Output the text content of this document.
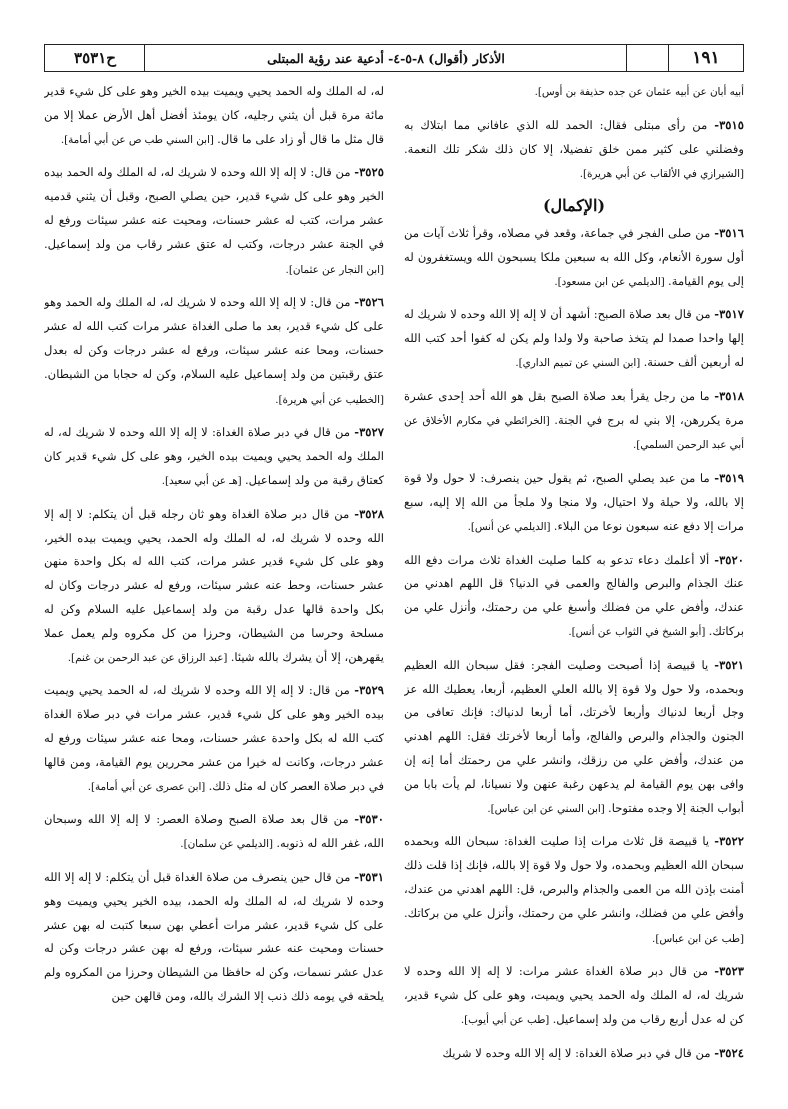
١٩١
الأذكار (أقوال) ٨-٥-٤- أدعية عند رؤية المبتلى
ح٣٥٣١

أبيه أبان عن أبيه عثمان عن جده حذيفة بن أوس].

٣٥١٥- من رأى مبتلى فقال: الحمد لله الذي عافاني مما ابتلاك به وفضلني على كثير ممن خلق تفضيلا، إلا كان ذلك شكر تلك النعمة. [الشيرازي في الألقاب عن أبي هريرة].

(الإكمال)

٣٥١٦- من صلى الفجر في جماعة، وقعد في مصلاه، وقرأ ثلاث آيات من أول سورة الأنعام، وكل الله به سبعين ملكا يسبحون الله ويستغفرون له إلى يوم القيامة. [الديلمي عن ابن مسعود].

٣٥١٧- من قال بعد صلاة الصبح: أشهد أن لا إله إلا الله وحده لا شريك له إلها واحدا صمدا لم يتخذ صاحبة ولا ولدا ولم يكن له كفوا أحد كتب الله له أربعين ألف حسنة. [ابن السني عن تميم الداري].

٣٥١٨- ما من رجل يقرأ بعد صلاة الصبح بقل هو الله أحد إحدى عشرة مرة يكررهن، إلا بني له برج في الجنة. [الخرائطي في مكارم الأخلاق عن أبي عبد الرحمن السلمي].

٣٥١٩- ما من عبد يصلي الصبح، ثم يقول حين ينصرف: لا حول ولا قوة إلا بالله، ولا حيلة ولا احتيال، ولا منجا ولا ملجأ من الله إلا إليه، سبع مرات إلا دفع عنه سبعون نوعا من البلاء. [الديلمي عن أنس].

٣٥٢٠- ألا أعلمك دعاء تدعو به كلما صليت الغداة ثلاث مرات دفع الله عنك الجذام والبرص والفالج والعمى في الدنيا؟ قل اللهم اهدني من عندك، وأفض علي من فضلك وأسبغ علي من رحمتك، وأنزل علي من بركاتك. [أبو الشيخ في الثواب عن أنس].

٣٥٢١- يا قبيصة إذا أصبحت وصليت الفجر: فقل سبحان الله العظيم وبحمده، ولا حول ولا قوة إلا بالله العلي العظيم، أربعا، يعطيك الله عز وجل أربعا لدنياك وأربعا لأخرتك، أما أربعا لدنياك: فإنك تعافى من الجنون والجذام والبرص والفالج، وأما أربعا لأخرتك فقل: اللهم اهدني من عندك، وأفض علي من رزقك، وانشر علي من رحمتك أما إنه إن وافى بهن يوم القيامة لم يدعهن رغبة عنهن ولا نسيانا، لم يأت بابا من أبواب الجنة إلا وجده مفتوحا. [ابن السني عن ابن عباس].

٣٥٢٢- يا قبيصة قل ثلاث مرات إذا صليت الغداة: سبحان الله وبحمده سبحان الله العظيم وبحمده، ولا حول ولا قوة إلا بالله، فإنك إذا قلت ذلك أمنت بإذن الله من العمى والجذام والبرص، قل: اللهم اهدني من عندك، وأفض علي من فضلك، وانشر علي من رحمتك، وأنزل علي من بركاتك. [طب عن ابن عباس].

٣٥٢٣- من قال دبر صلاة الغداة عشر مرات: لا إله إلا الله وحده لا شريك له، له الملك وله الحمد يحيي ويميت، وهو على كل شيء قدير، كن له عدل أربع رقاب من ولد إسماعيل. [طب عن أبي أيوب].

٣٥٢٤- من قال في دبر صلاة الغداة: لا إله إلا الله وحده لا شريك

له، له الملك وله الحمد يحيي ويميت بيده الخير وهو على كل شيء قدير مائة مرة قبل أن يثني رجليه، كان يومئذ أفضل أهل الأرض عملا إلا من قال مثل ما قال أو زاد على ما قال. [ابن السني طب ص عن أبي أمامة].

٣٥٢٥- من قال: لا إله إلا الله وحده لا شريك له، له الملك وله الحمد بيده الخير وهو على كل شيء قدير، حين يصلي الصبح، وقبل أن يثني قدميه عشر مرات، كتب له عشر حسنات، ومحيت عنه عشر سيئات ورفع له في الجنة عشر درجات، وكتب له عتق عشر رقاب من ولد إسماعيل. [ابن النجار عن عثمان].

٣٥٢٦- من قال: لا إله إلا الله وحده لا شريك له، له الملك وله الحمد وهو على كل شيء قدير، بعد ما صلى الغداة عشر مرات كتب الله له عشر حسنات، ومحا عنه عشر سيئات، ورفع له عشر درجات وكن له بعدل عتق رقبتين من ولد إسماعيل عليه السلام، وكن له حجابا من الشيطان. [الخطيب عن أبي هريرة].

٣٥٢٧- من قال في دبر صلاة الغداة: لا إله إلا الله وحده لا شريك له، له الملك وله الحمد يحيي ويميت بيده الخير، وهو على كل شيء قدير كان كعتاق رقبة من ولد إسماعيل. [هـ عن أبي سعيد].

٣٥٢٨- من قال دبر صلاة الغداة وهو ثان رجله قبل أن يتكلم: لا إله إلا الله وحده لا شريك له، له الملك وله الحمد، يحيي ويميت بيده الخير، وهو على كل شيء قدير عشر مرات، كتب الله له بكل واحدة منهن عشر حسنات، وحط عنه عشر سيئات، ورفع له عشر درجات وكان له بكل واحدة قالها عدل رقبة من ولد إسماعيل عليه السلام وكن له مسلحة وحرسا من الشيطان، وحرزا من كل مكروه ولم يعمل عملا يقهرهن، إلا أن يشرك بالله شيئا. [عبد الرزاق عن عبد الرحمن بن غنم].

٣٥٢٩- من قال: لا إله إلا الله وحده لا شريك له، له الحمد يحيي ويميت بيده الخير وهو على كل شيء قدير، عشر مرات في دبر صلاة الغداة كتب الله له بكل واحدة عشر حسنات، ومحا عنه عشر سيئات ورفع له عشر درجات، وكانت له خيرا من عشر محررين يوم القيامة، ومن قالها في دبر صلاة العصر كان له مثل ذلك. [ابن عصرى عن أبي أمامة].

٣٥٣٠- من قال بعد صلاة الصبح وصلاة العصر: لا إله إلا الله وسبحان الله، غفر الله له ذنوبه. [الديلمي عن سلمان].

٣٥٣١- من قال حين ينصرف من صلاة الغداة قبل أن يتكلم: لا إله إلا الله وحده لا شريك له، له الملك وله الحمد، بيده الخير يحيي ويميت وهو على كل شيء قدير، عشر مرات أعطي بهن سبعا كتبت له بهن عشر حسنات ومحيت عنه عشر سيئات، ورفع له بهن عشر درجات وكن له عدل عشر نسمات، وكن له حافظا من الشيطان وحرزا من المكروه ولم يلحقه في يومه ذلك ذنب إلا الشرك بالله، ومن قالهن حين
